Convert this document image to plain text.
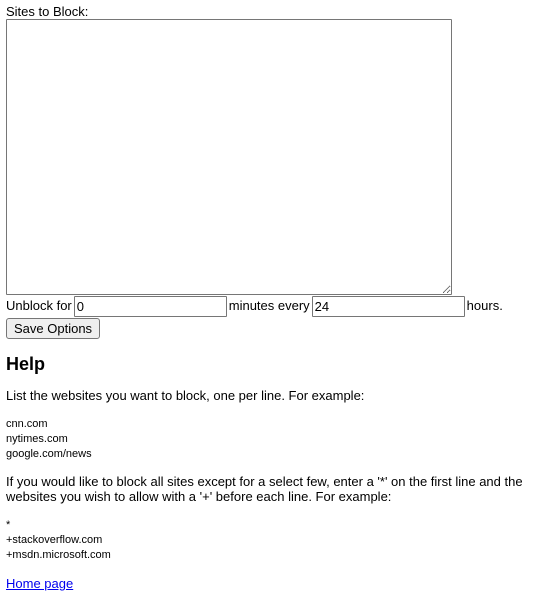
Sites to Block:
Unblock for
0	minutes every
24	hours.
Save Options
Help

List the websites you want to block, one per line. For example:

cnn.com
nytimes.com
google.com/news

If you would like to block all sites except for a select few, enter a '*' on the first line and the websites you wish to allow with a '+' before each line. For example:

*
+stackoverflow.com
+msdn.microsoft.com
Home page
